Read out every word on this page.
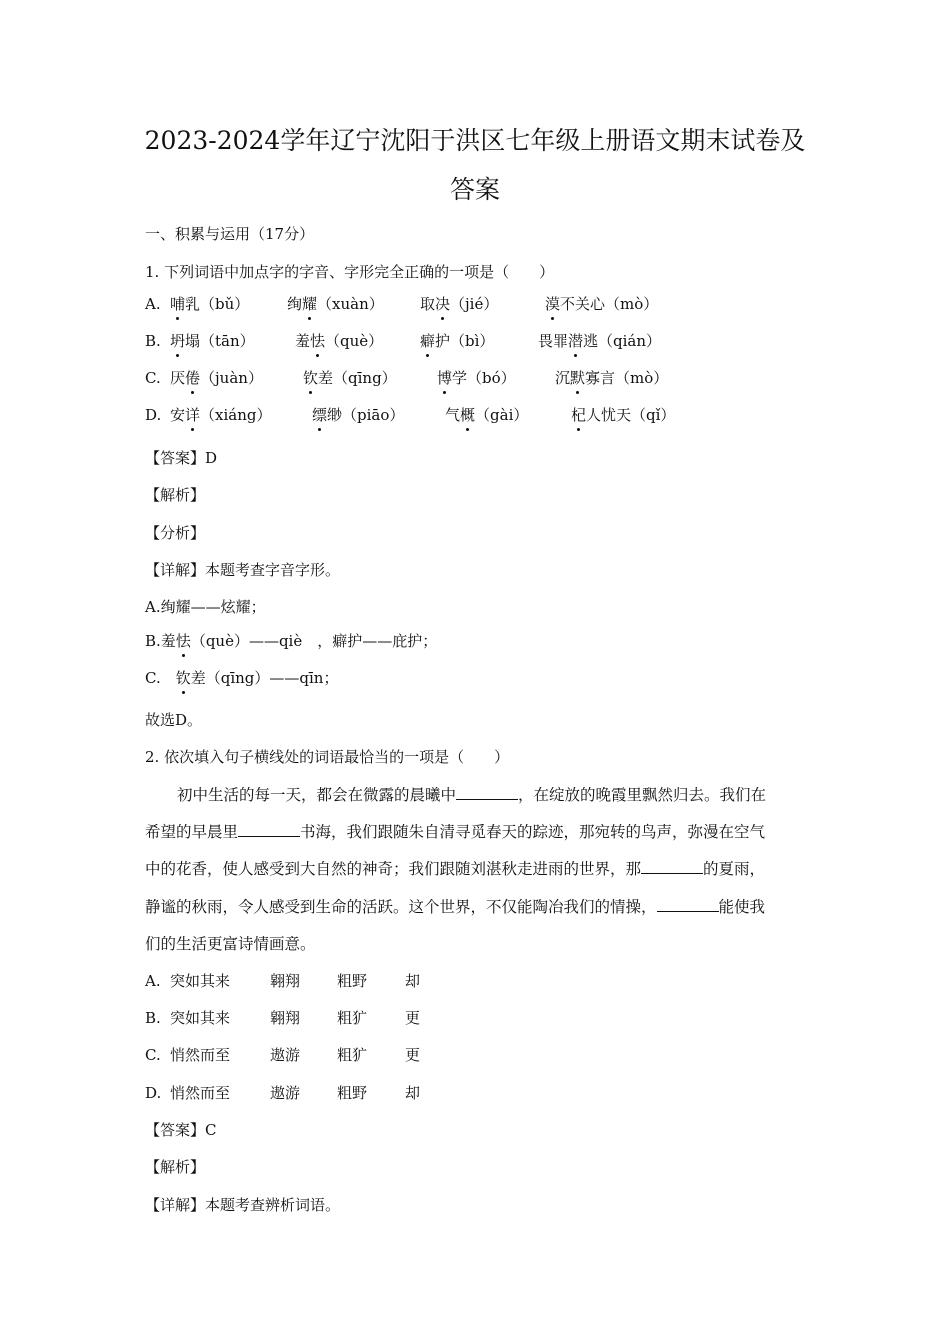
2023-2024学年辽宁沈阳于洪区七年级上册语文期末试卷及
答案
一、积累与运用（17分）
1. 下列词语中加点字的字音、字形完全正确的一项是（　　）
A. 哺乳（bǔ）	绚耀（xuàn） 取决（jié）	漠不关心（mò）
B. 坍塌（tān）	羞怯（què） 癖护（bì）	畏罪潜逃（qián）
C. 厌倦（juàn）	钦差（qīng）	博学（bó）	沉默寡言（mò）
D. 安详（xiáng）	缥缈（piāo）	气概（gài）	杞人忧天（qǐ）
【答案】D
【解析】
【分析】
【详解】本题考查字音字形。
A.绚耀——炫耀；
B.羞怯（què）——qiè　，癖护——庇护；
C.　钦差（qīng）——qīn；
故选D。
2. 依次填入句子横线处的词语最恰当的一项是（　　）
初中生活的每一天，都会在微露的晨曦中	，在绽放的晚霞里飘然归去。我们在
希望的早晨里	书海，我们跟随朱自清寻觅春天的踪迹，那宛转的鸟声，弥漫在空气
中的花香，使人感受到大自然的神奇；我们跟随刘湛秋走进雨的世界，那	的夏雨，
静谧的秋雨，令人感受到生命的活跃。这个世界，不仅能陶冶我们的情操，	能使我
们的生活更富诗情画意。
A. 突如其来	翱翔 粗野	却
B. 突如其来	翱翔 粗犷	更
C. 悄然而至	遨游 粗犷	更
D. 悄然而至	遨游 粗野	却
【答案】C
【解析】
【详解】本题考查辨析词语。
